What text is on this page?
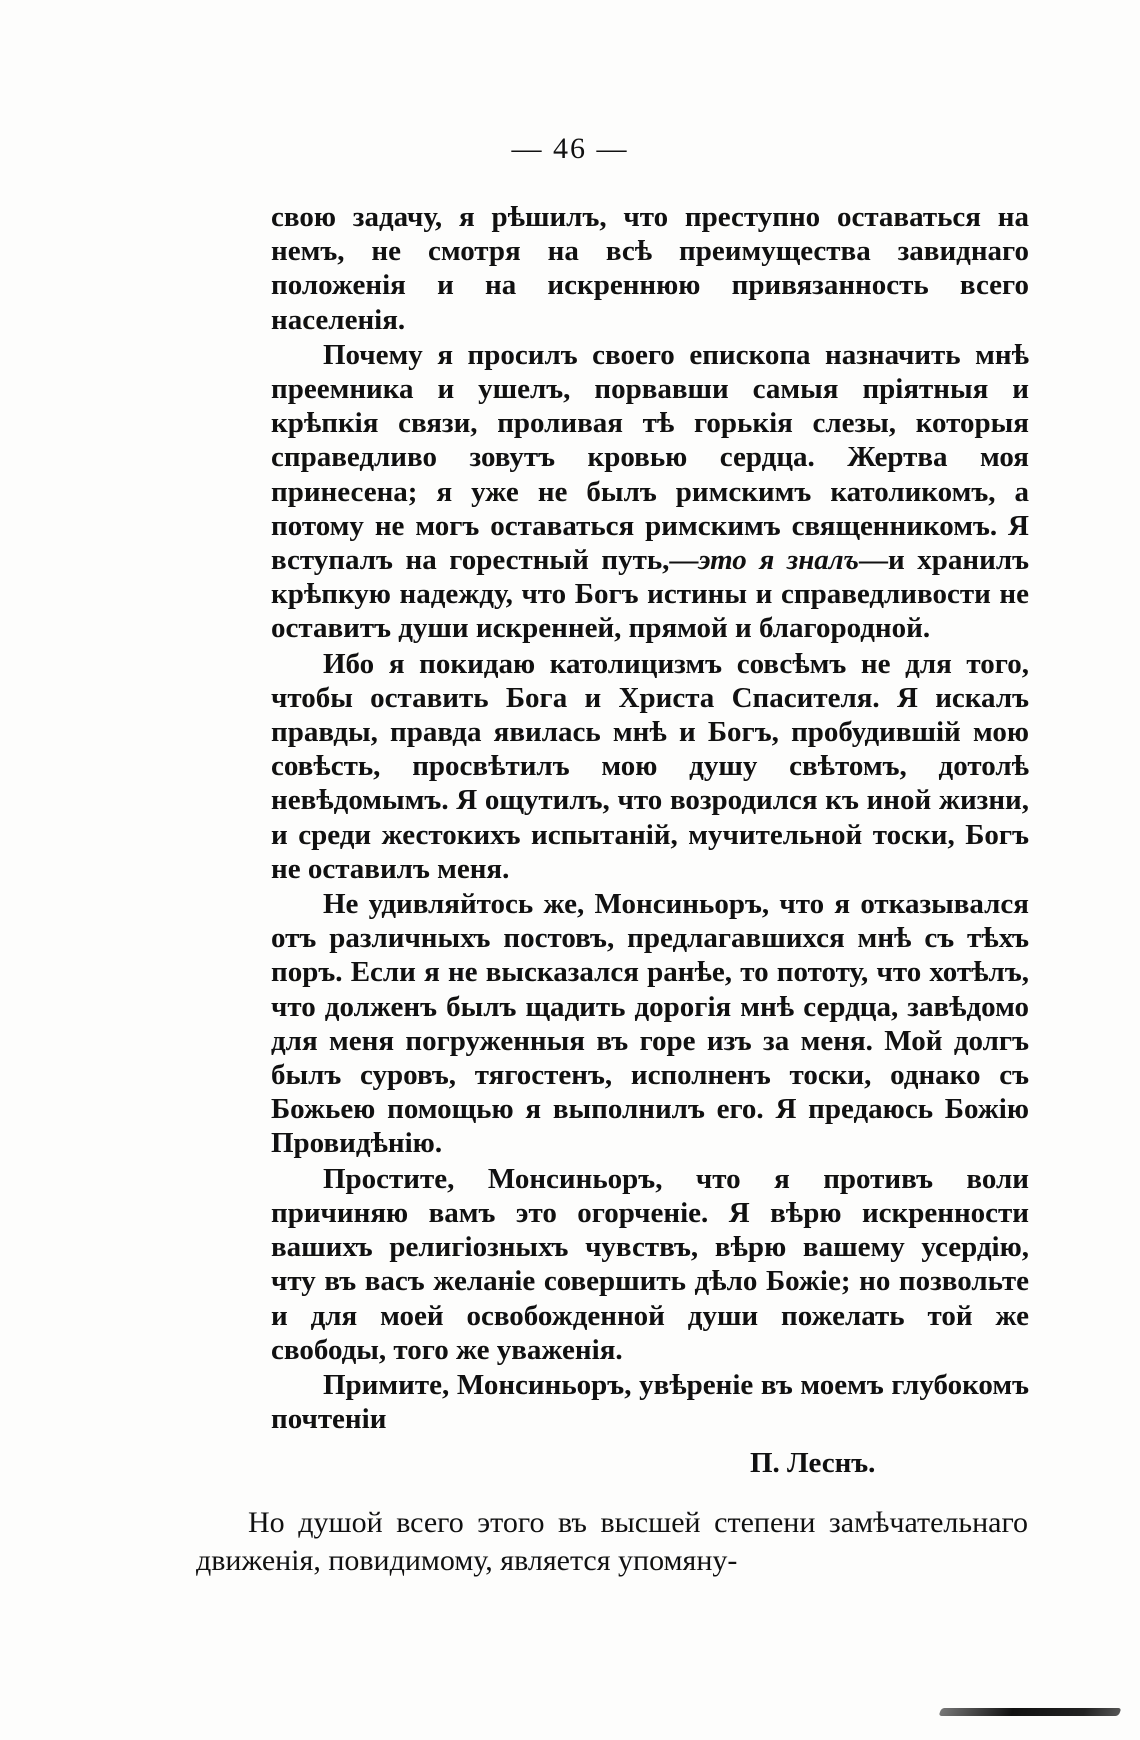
— 46 —

свою задачу, я рѣшилъ, что преступно оставаться на немъ, не смотря на всѣ преимущества завиднаго положенія и на искреннюю привязанность всего населенія.

Почему я просилъ своего епископа назначить мнѣ преемника и ушелъ, порвавши самыя пріятныя и крѣпкія связи, проливая тѣ горькія слезы, которыя справедливо зовутъ кровью сердца. Жертва моя принесена; я уже не былъ римскимъ католикомъ, а потому не могъ оставаться римскимъ священникомъ. Я вступалъ на горестный путь,—это я зналъ—и хранилъ крѣпкую надежду, что Богъ истины и справедливости не оставитъ души искренней, прямой и благородной.

Ибо я покидаю католицизмъ совсѣмъ не для того, чтобы оставить Бога и Христа Спасителя. Я искалъ правды, правда явилась мнѣ и Богъ, пробудившій мою совѣсть, просвѣтилъ мою душу свѣтомъ, дотолѣ невѣдомымъ. Я ощутилъ, что возродился къ иной жизни, и среди жестокихъ испытаній, мучительной тоски, Богъ не оставилъ меня.

Не удивляйтось же, Монсиньоръ, что я отказывался отъ различныхъ постовъ, предлагавшихся мнѣ съ тѣхъ поръ. Если я не высказался ранѣе, то пототу, что хотѣлъ, что долженъ былъ щадить дорогія мнѣ сердца, завѣдомо для меня погруженныя въ горе изъ за меня. Мой долгъ былъ суровъ, тягостенъ, исполненъ тоски, однако съ Божьею помощью я выполнилъ его. Я предаюсь Божію Провидѣнію.

Простите, Монсиньоръ, что я противъ воли причиняю вамъ это огорченіе. Я вѣрю искренности вашихъ религіозныхъ чувствъ, вѣрю вашему усердію, чту въ васъ желаніе совершить дѣло Божіе; но позвольте и для моей освобожденной души пожелать той же свободы, того же уваженія.

Примите, Монсиньоръ, увѣреніе въ моемъ глубокомъ почтеніи

П. Леснъ.

Но душой всего этого въ высшей степени замѣчательнаго движенія, повидимому, является упомяну-
